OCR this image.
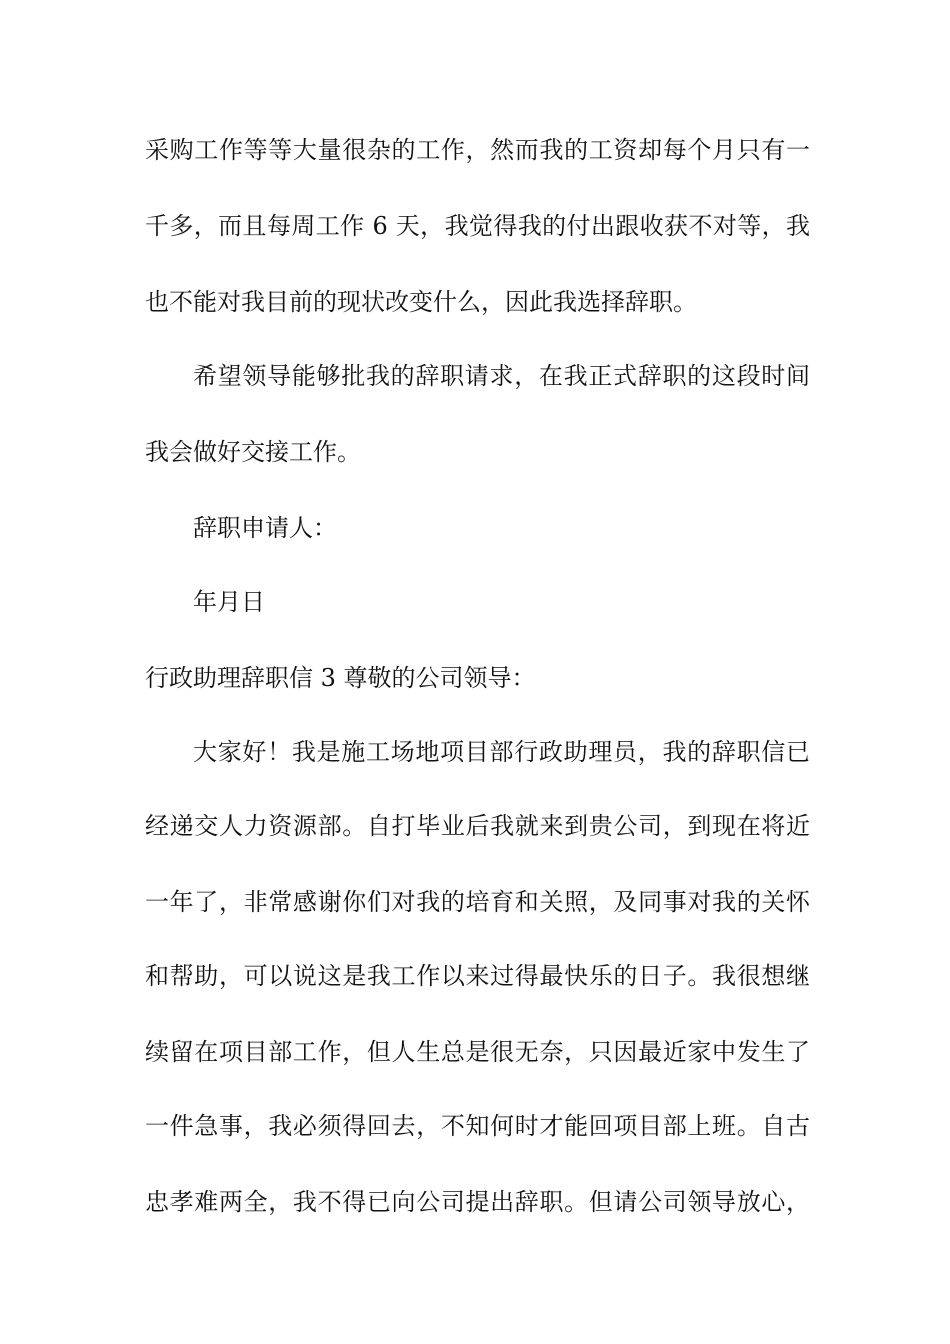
采购工作等等大量很杂的工作，然而我的工资却每个月只有一
千多，而且每周工作 6 天，我觉得我的付出跟收获不对等，我
也不能对我目前的现状改变什么，因此我选择辞职。
希望领导能够批我的辞职请求，在我正式辞职的这段时间
我会做好交接工作。
辞职申请人：
年月日
行政助理辞职信 3 尊敬的公司领导：
大家好！我是施工场地项目部行政助理员，我的辞职信已
经递交人力资源部。自打毕业后我就来到贵公司，到现在将近
一年了，非常感谢你们对我的培育和关照，及同事对我的关怀
和帮助，可以说这是我工作以来过得最快乐的日子。我很想继
续留在项目部工作，但人生总是很无奈，只因最近家中发生了
一件急事，我必须得回去，不知何时才能回项目部上班。自古
忠孝难两全，我不得已向公司提出辞职。但请公司领导放心，
